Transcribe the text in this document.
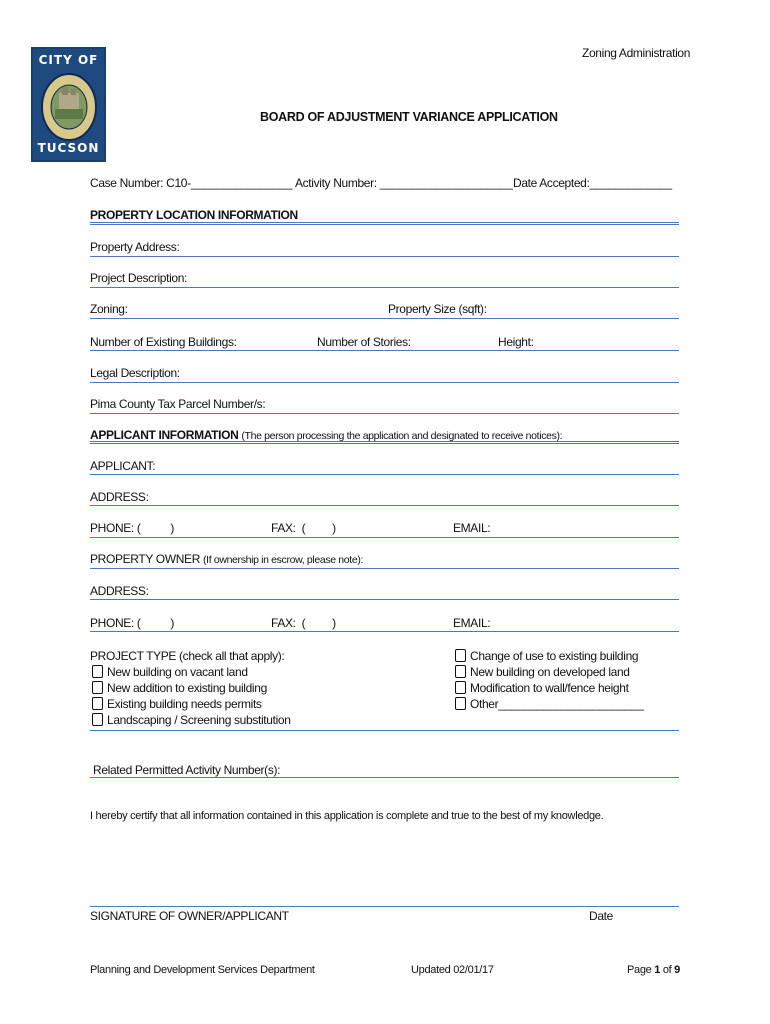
CITY OF
TUCSON
Zoning Administration
BOARD OF ADJUSTMENT VARIANCE APPLICATION
Case Number: C10-________________ Activity Number: _____________________ Date Accepted:_____________
PROPERTY LOCATION INFORMATION
Property Address:
Project Description:
Zoning:	Property Size (sqft):
Number of Existing Buildings:	Number of Stories:	Height:
Legal Description:
Pima County Tax Parcel Number/s:
APPLICANT INFORMATION (The person processing the application and designated to receive notices):
APPLICANT:
ADDRESS:
PHONE: (          )	FAX:  (         )	EMAIL:
PROPERTY OWNER (If ownership in escrow, please note):
ADDRESS:
PHONE: (          )	FAX:  (         )	EMAIL:
PROJECT TYPE (check all that apply):
New building on vacant land
New addition to existing building
Existing building needs permits
Landscaping / Screening substitution
Change of use to existing building
New building on developed land
Modification to wall/fence height
Other_______________________
Related Permitted Activity Number(s):
I hereby certify that all information contained in this application is complete and true to the best of my knowledge.
SIGNATURE OF OWNER/APPLICANT	Date
Planning and Development Services Department	Updated 02/01/17	Page 1 of 9
